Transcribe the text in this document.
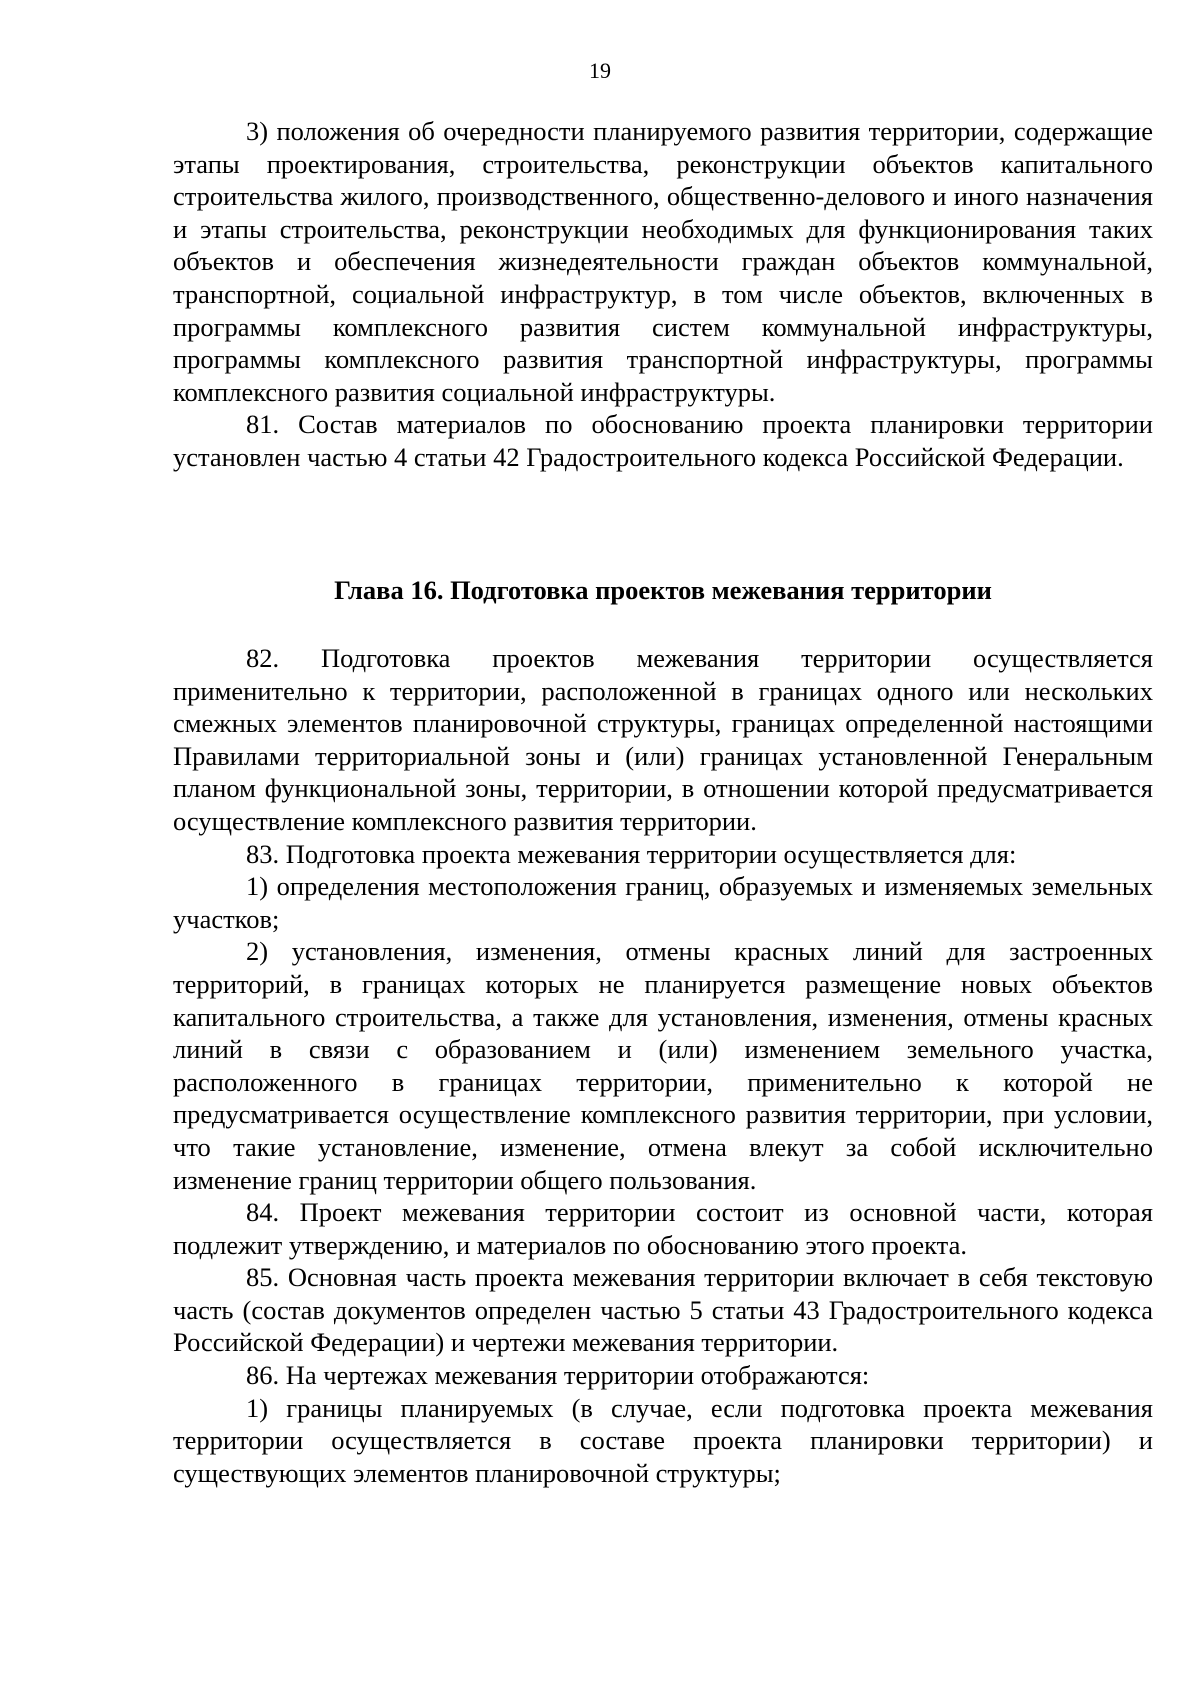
19

3) положения об очередности планируемого развития территории, содержащие этапы проектирования, строительства, реконструкции объектов капитального строительства жилого, производственного, общественно-делового и иного назначения и этапы строительства, реконструкции необходимых для функционирования таких объектов и обеспечения жизнедеятельности граждан объектов коммунальной, транспортной, социальной инфраструктур, в том числе объектов, включенных в программы комплексного развития систем коммунальной инфраструктуры, программы комплексного развития транспортной инфраструктуры, программы комплексного развития социальной инфраструктуры.

81. Состав материалов по обоснованию проекта планировки территории установлен частью 4 статьи 42 Градостроительного кодекса Российской Федерации.

Глава 16. Подготовка проектов межевания территории

82. Подготовка проектов межевания территории осуществляется применительно к территории, расположенной в границах одного или нескольких смежных элементов планировочной структуры, границах определенной настоящими Правилами территориальной зоны и (или) границах установленной Генеральным планом функциональной зоны, территории, в отношении которой предусматривается осуществление комплексного развития территории.

83. Подготовка проекта межевания территории осуществляется для:

1) определения местоположения границ, образуемых и изменяемых земельных участков;

2) установления, изменения, отмены красных линий для застроенных территорий, в границах которых не планируется размещение новых объектов капитального строительства, а также для установления, изменения, отмены красных линий в связи с образованием и (или) изменением земельного участка, расположенного в границах территории, применительно к которой не предусматривается осуществление комплексного развития территории, при условии, что такие установление, изменение, отмена влекут за собой исключительно изменение границ территории общего пользования.

84. Проект межевания территории состоит из основной части, которая подлежит утверждению, и материалов по обоснованию этого проекта.

85. Основная часть проекта межевания территории включает в себя текстовую часть (состав документов определен частью 5 статьи 43 Градостроительного кодекса Российской Федерации) и чертежи межевания территории.

86. На чертежах межевания территории отображаются:

1) границы планируемых (в случае, если подготовка проекта межевания территории осуществляется в составе проекта планировки территории) и существующих элементов планировочной структуры;
